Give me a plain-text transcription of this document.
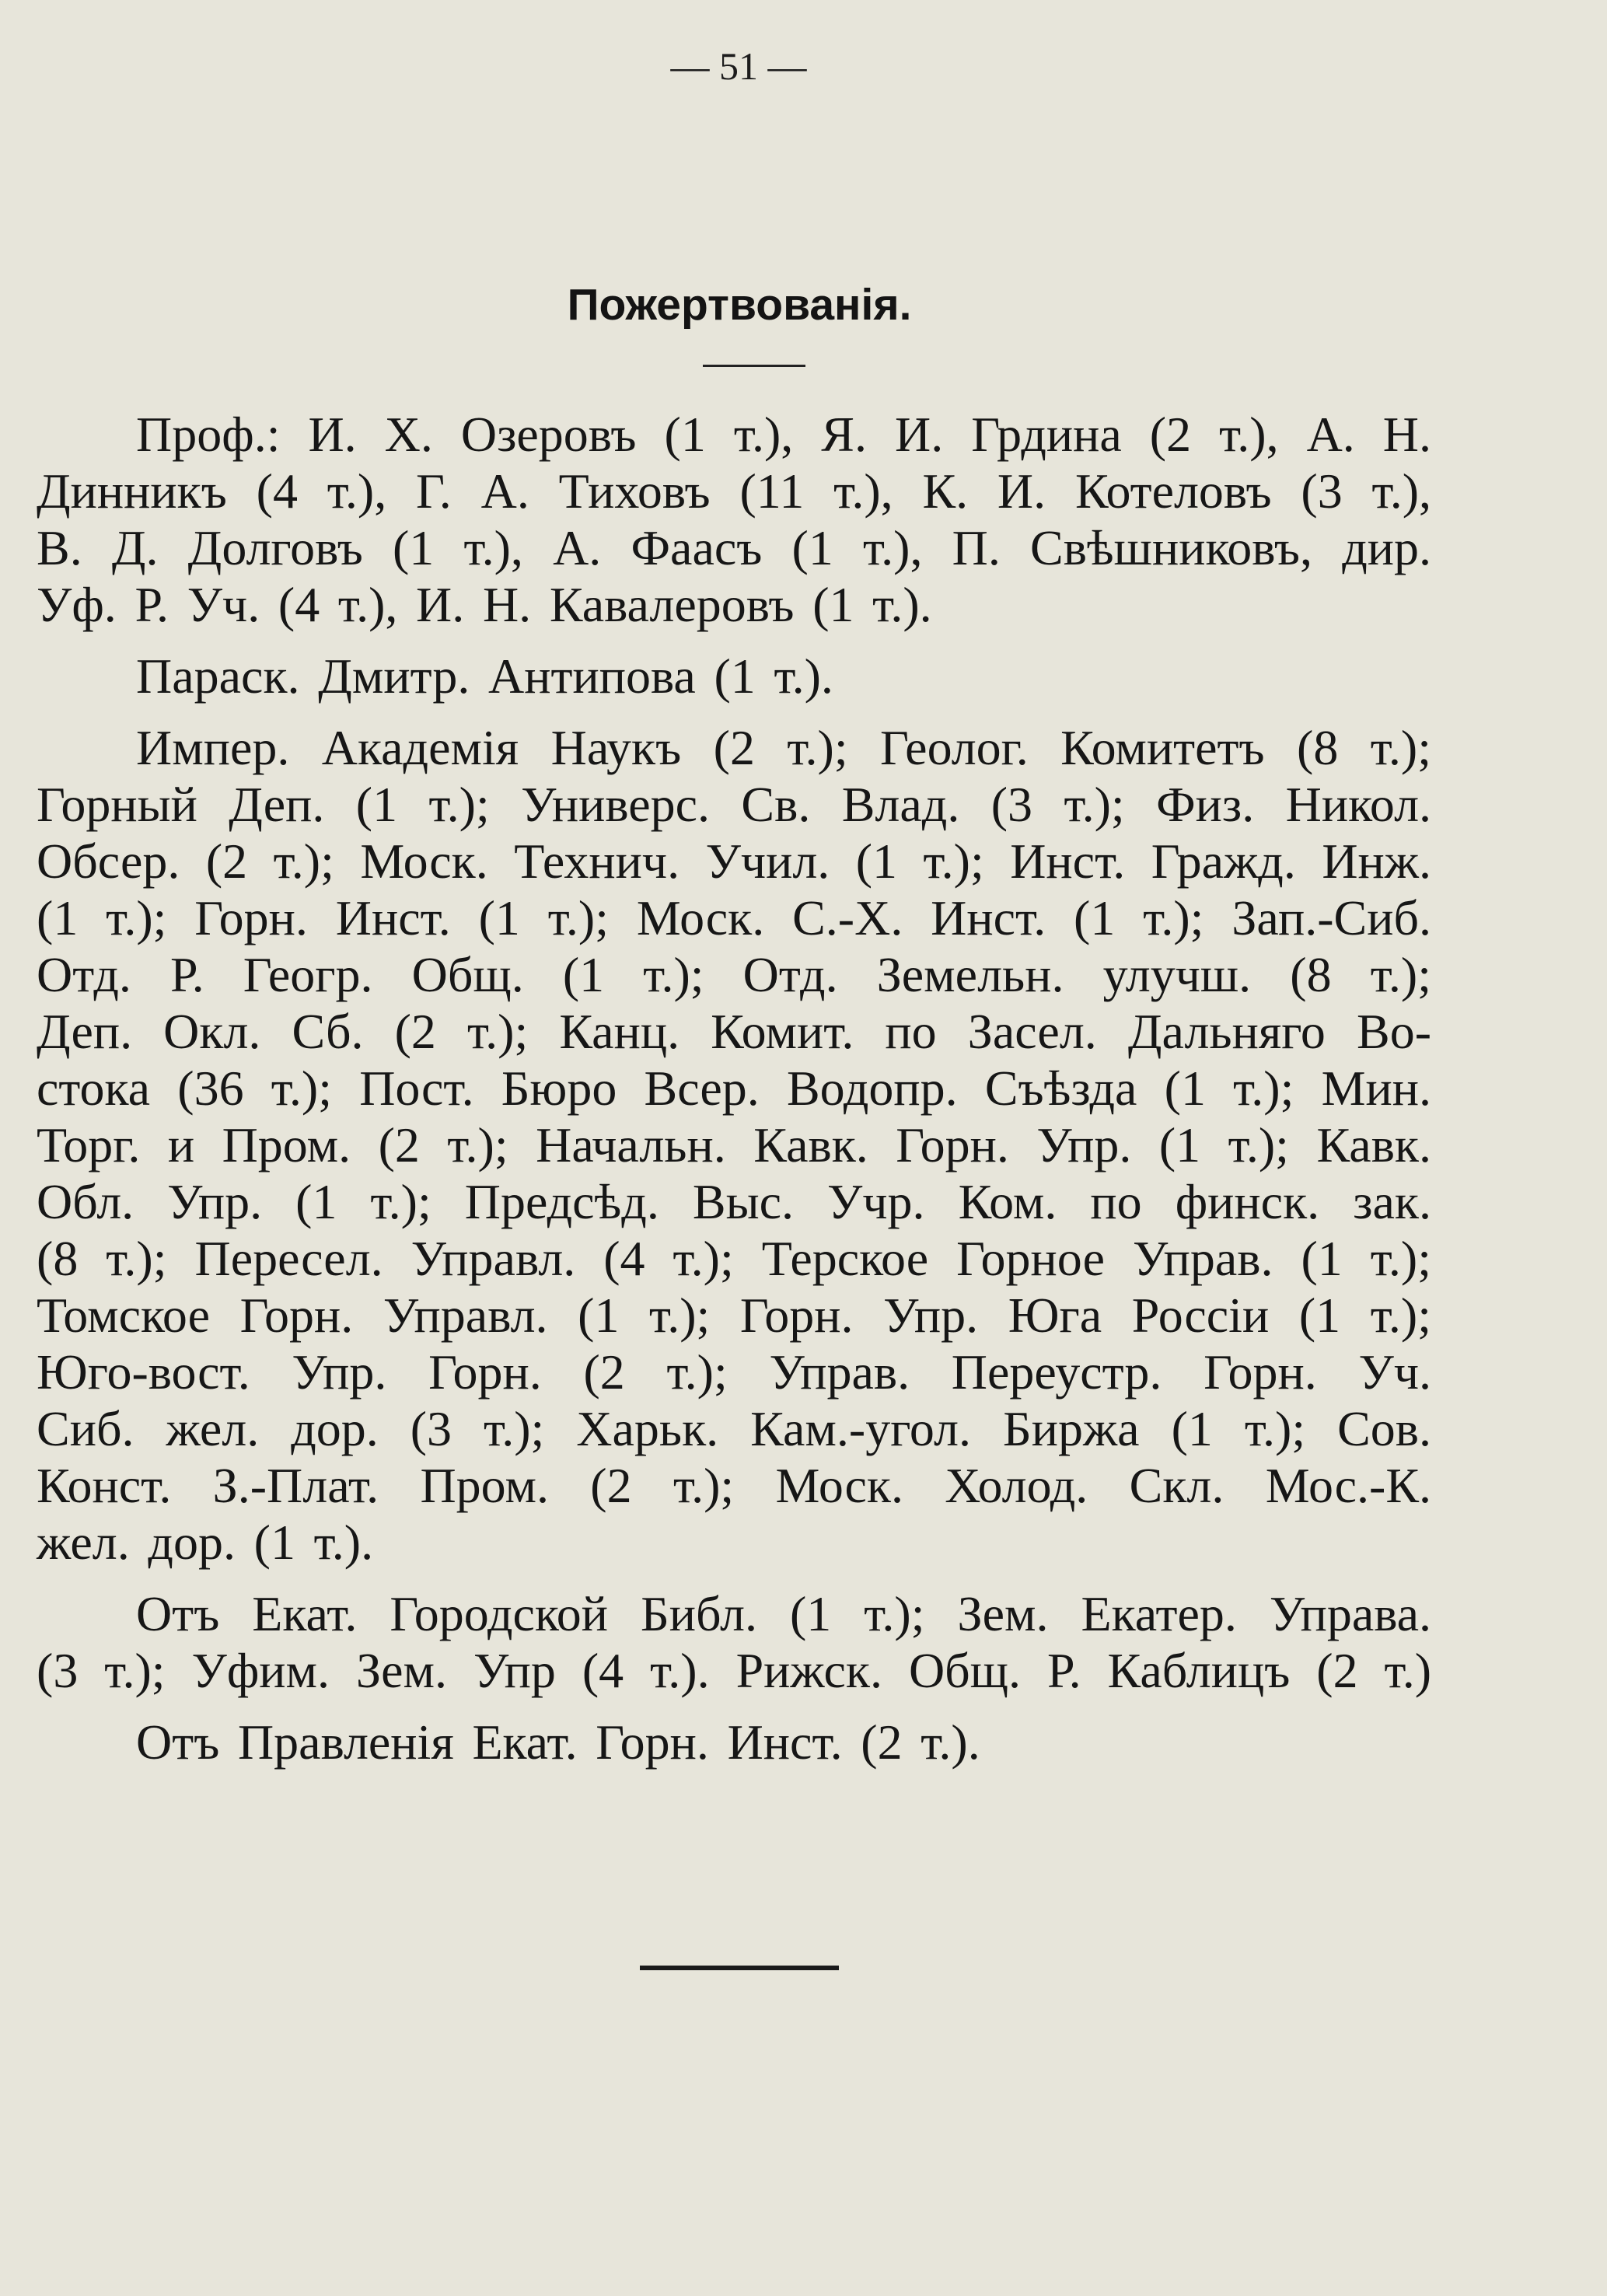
— 51 —
Пожертвованія.
Проф.: И. Х. Озеровъ (1 т.), Я. И. Грдина (2 т.), А. Н.
Динникъ (4 т.), Г. А. Тиховъ (11 т.), К. И. Котеловъ (3 т.),
В. Д. Долговъ (1 т.), А. Фаасъ (1 т.), П. Свѣшниковъ, дир.
Уф. Р. Уч. (4 т.), И. Н. Кавалеровъ (1 т.).
Параск. Дмитр. Антипова (1 т.).
Импер. Академія Наукъ (2 т.); Геолог. Комитетъ (8 т.);
Горный Деп. (1 т.); Универс. Св. Влад. (3 т.); Физ. Никол.
Обсер. (2 т.); Моск. Технич. Учил. (1 т.); Инст. Гражд. Инж.
(1 т.); Горн. Инст. (1 т.); Моск. С.-Х. Инст. (1 т.); Зап.-Сиб.
Отд. Р. Геогр. Общ. (1 т.); Отд. Земельн. улучш. (8 т.);
Деп. Окл. Сб. (2 т.); Канц. Комит. по Засел. Дальняго Во-
стока (36 т.); Пост. Бюро Всер. Водопр. Съѣзда (1 т.); Мин.
Торг. и Пром. (2 т.); Начальн. Кавк. Горн. Упр. (1 т.); Кавк.
Обл. Упр. (1 т.); Предсѣд. Выс. Учр. Ком. по финск. зак.
(8 т.); Пересел. Управл. (4 т.); Терское Горное Управ. (1 т.);
Томское Горн. Управл. (1 т.); Горн. Упр. Юга Россіи (1 т.);
Юго-вост. Упр. Горн. (2 т.); Управ. Переустр. Горн. Уч.
Сиб. жел. дор. (3 т.); Харьк. Кам.-угол. Биржа (1 т.); Сов.
Конст. З.-Плат. Пром. (2 т.); Моск. Холод. Скл. Мос.-К.
жел. дор. (1 т.).
Отъ Екат. Городской Библ. (1 т.); Зем. Екатер. Управа.
(3 т.); Уфим. Зем. Упр (4 т.). Рижск. Общ. Р. Каблицъ (2 т.)
Отъ Правленія Екат. Горн. Инст. (2 т.).
